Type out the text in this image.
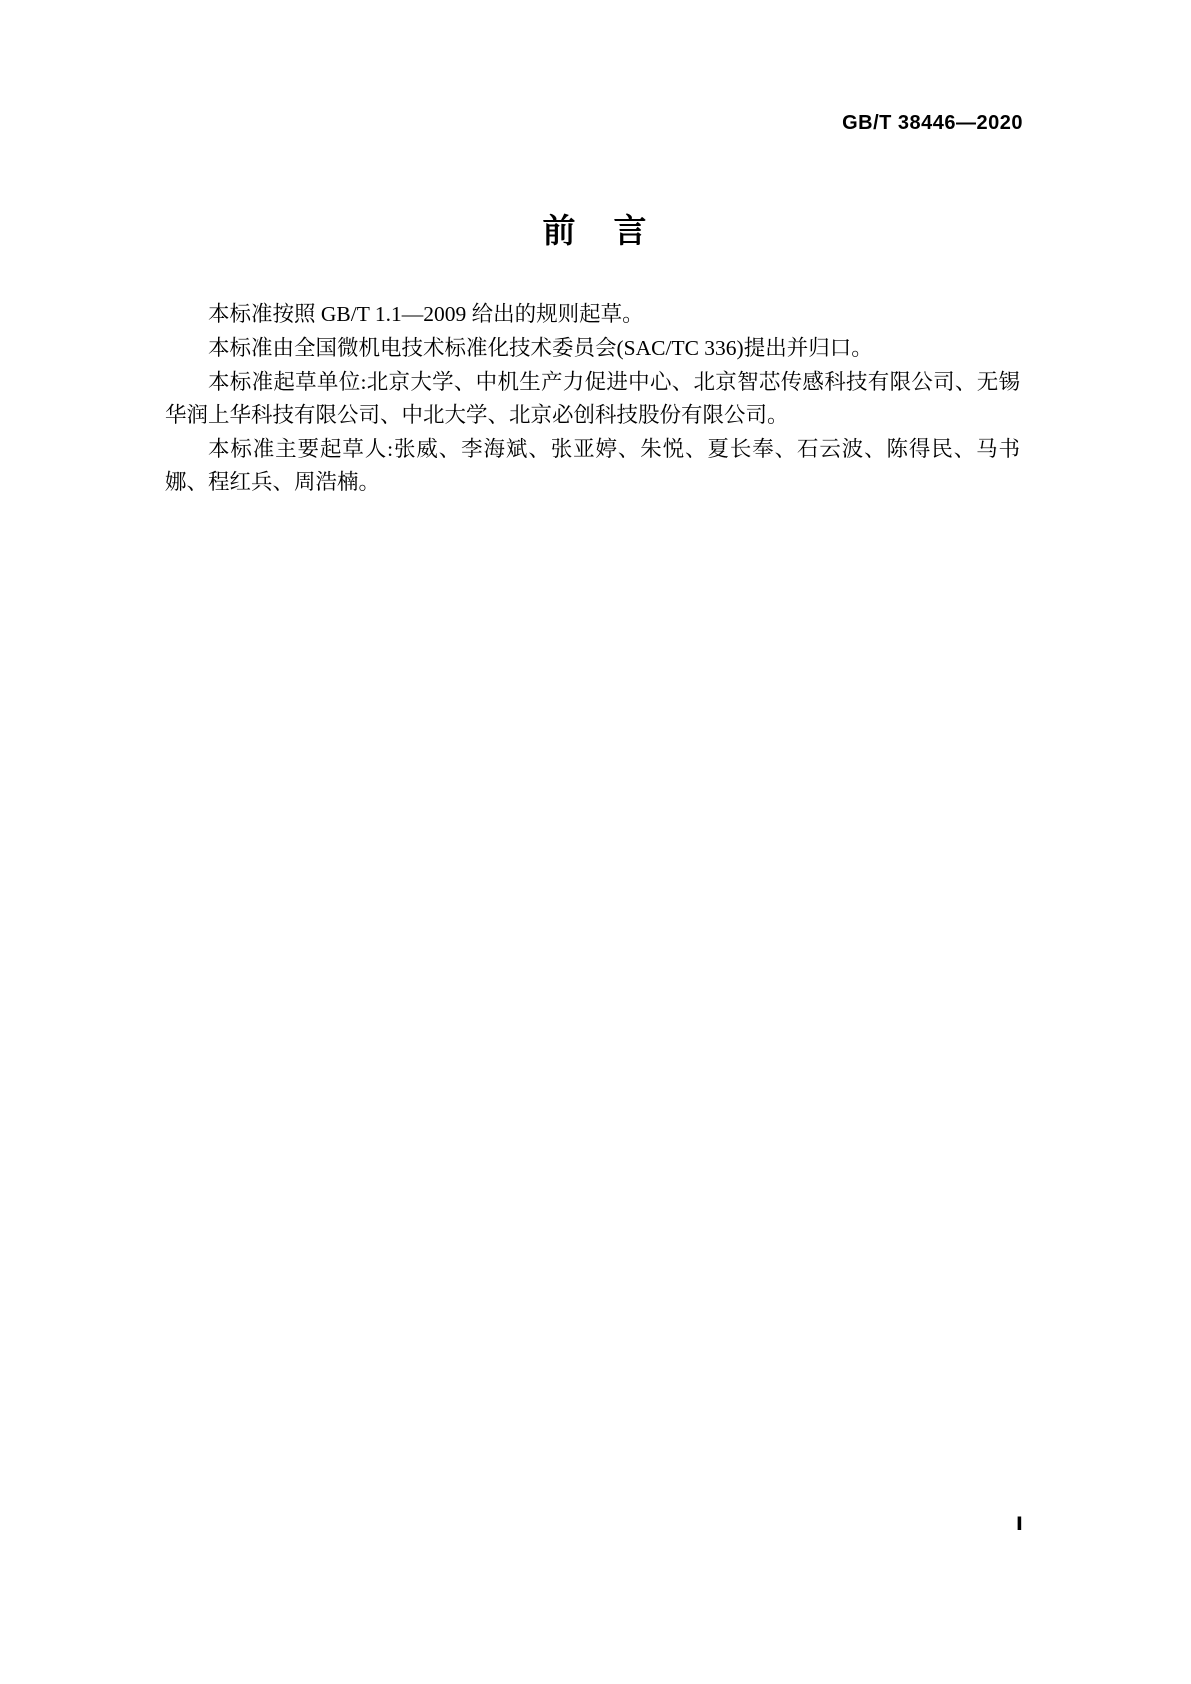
GB/T 38446—2020
前 言

本标准按照 GB/T 1.1—2009 给出的规则起草。

本标准由全国微机电技术标准化技术委员会(SAC/TC 336)提出并归口。

本标准起草单位:北京大学、中机生产力促进中心、北京智芯传感科技有限公司、无锡华润上华科技有限公司、中北大学、北京必创科技股份有限公司。

本标准主要起草人:张威、李海斌、张亚婷、朱悦、夏长奉、石云波、陈得民、马书娜、程红兵、周浩楠。

Ⅰ
